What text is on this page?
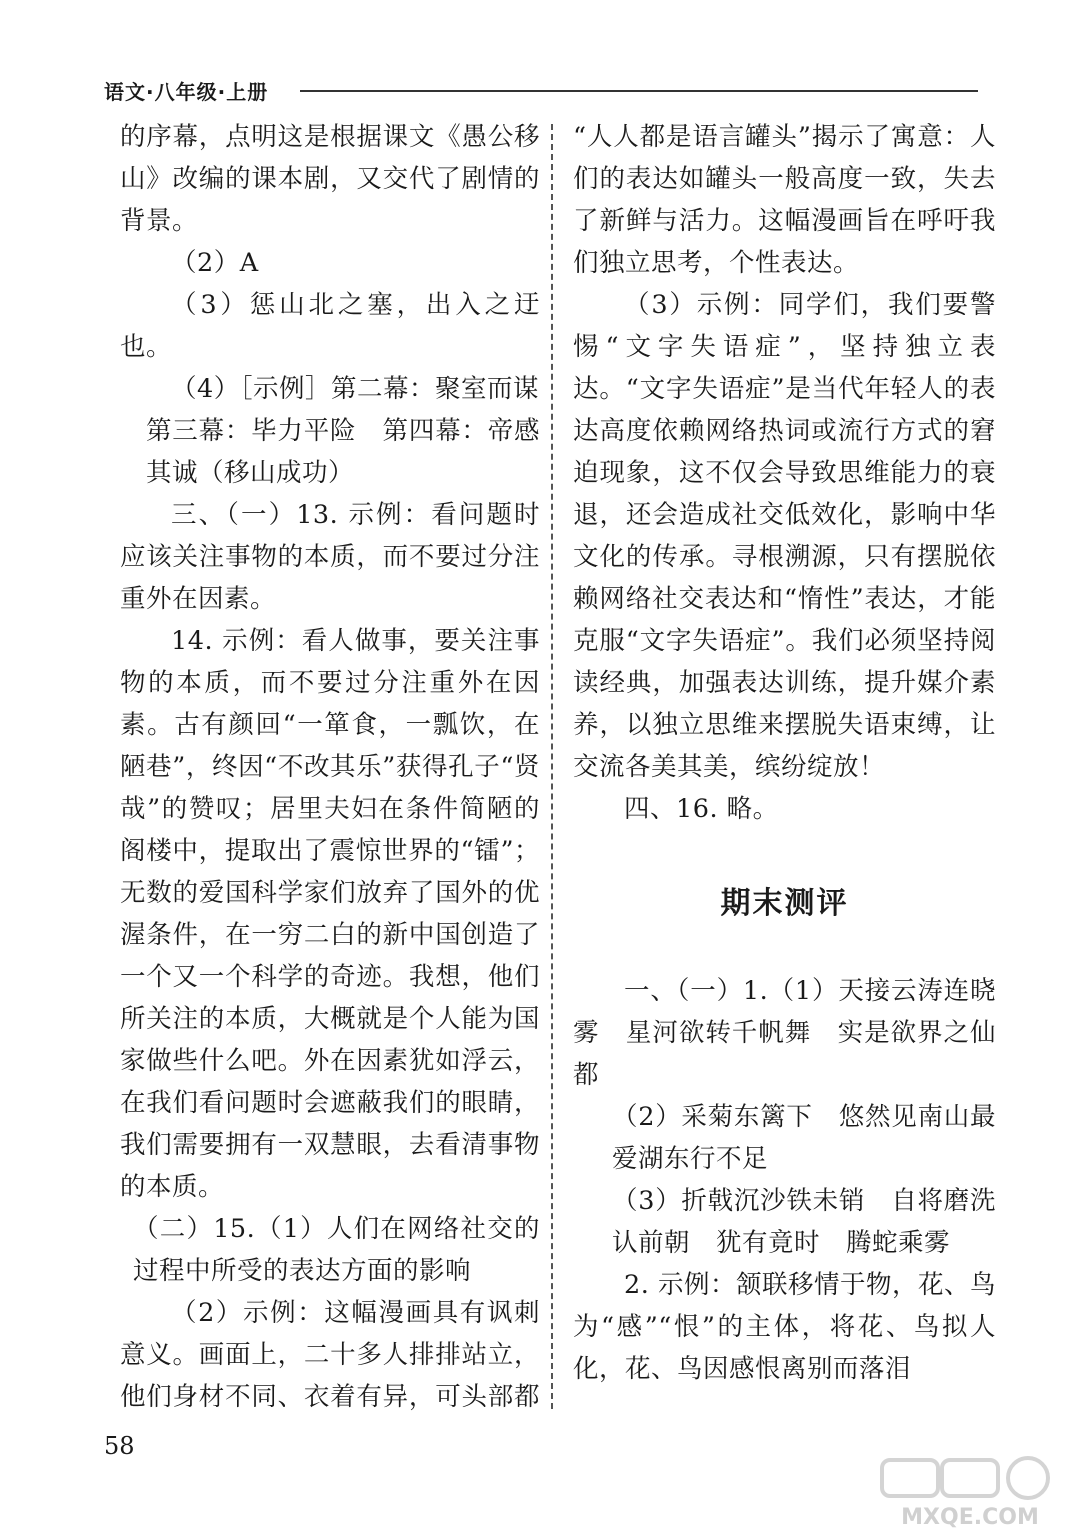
语文·八年级·上册

的序幕，点明这是根据课文《愚公移山》改编的课本剧，又交代了剧情的背景。

（2）A

（3）惩山北之塞，出入之迂也。

（4）［示例］第二幕：聚室而谋

第三幕：毕力平险　第四幕：帝感其诚（移山成功）

三、（一）13. 示例：看问题时应该关注事物的本质，而不要过分注重外在因素。

14. 示例：看人做事，要关注事物的本质，而不要过分注重外在因素。古有颜回“一箪食，一瓢饮，在陋巷”，终因“不改其乐”获得孔子“贤哉”的赞叹；居里夫妇在条件简陋的阁楼中，提取出了震惊世界的“镭”；无数的爱国科学家们放弃了国外的优渥条件，在一穷二白的新中国创造了一个又一个科学的奇迹。我想，他们所关注的本质，大概就是个人能为国家做些什么吧。外在因素犹如浮云，在我们看问题时会遮蔽我们的眼睛，我们需要拥有一双慧眼，去看清事物的本质。

（二）15.（1）人们在网络社交的过程中所受的表达方面的影响

（2）示例：这幅漫画具有讽刺意义。画面上，二十多人排排站立，他们身材不同、衣着有异，可头部都

“人人都是语言罐头”揭示了寓意：人们的表达如罐头一般高度一致，失去了新鲜与活力。这幅漫画旨在呼吁我们独立思考，个性表达。

（3）示例：同学们，我们要警惕“文字失语症”，坚持独立表达。“文字失语症”是当代年轻人的表达高度依赖网络热词或流行方式的窘迫现象，这不仅会导致思维能力的衰退，还会造成社交低效化，影响中华文化的传承。寻根溯源，只有摆脱依赖网络社交表达和“惰性”表达，才能克服“文字失语症”。我们必须坚持阅读经典，加强表达训练，提升媒介素养，以独立思维来摆脱失语束缚，让交流各美其美，缤纷绽放！

四、16. 略。

期末测评

一、（一）1.（1）天接云涛连晓雾　星河欲转千帆舞　实是欲界之仙都

（2）采菊东篱下　悠然见南山最爱湖东行不足

（3）折戟沉沙铁未销　自将磨洗认前朝　犹有竟时　腾蛇乘雾

2. 示例：颔联移情于物，花、鸟为“感”“恨”的主体，将花、鸟拟人化，花、鸟因感恨离别而落泪

58
MXQE.COM
